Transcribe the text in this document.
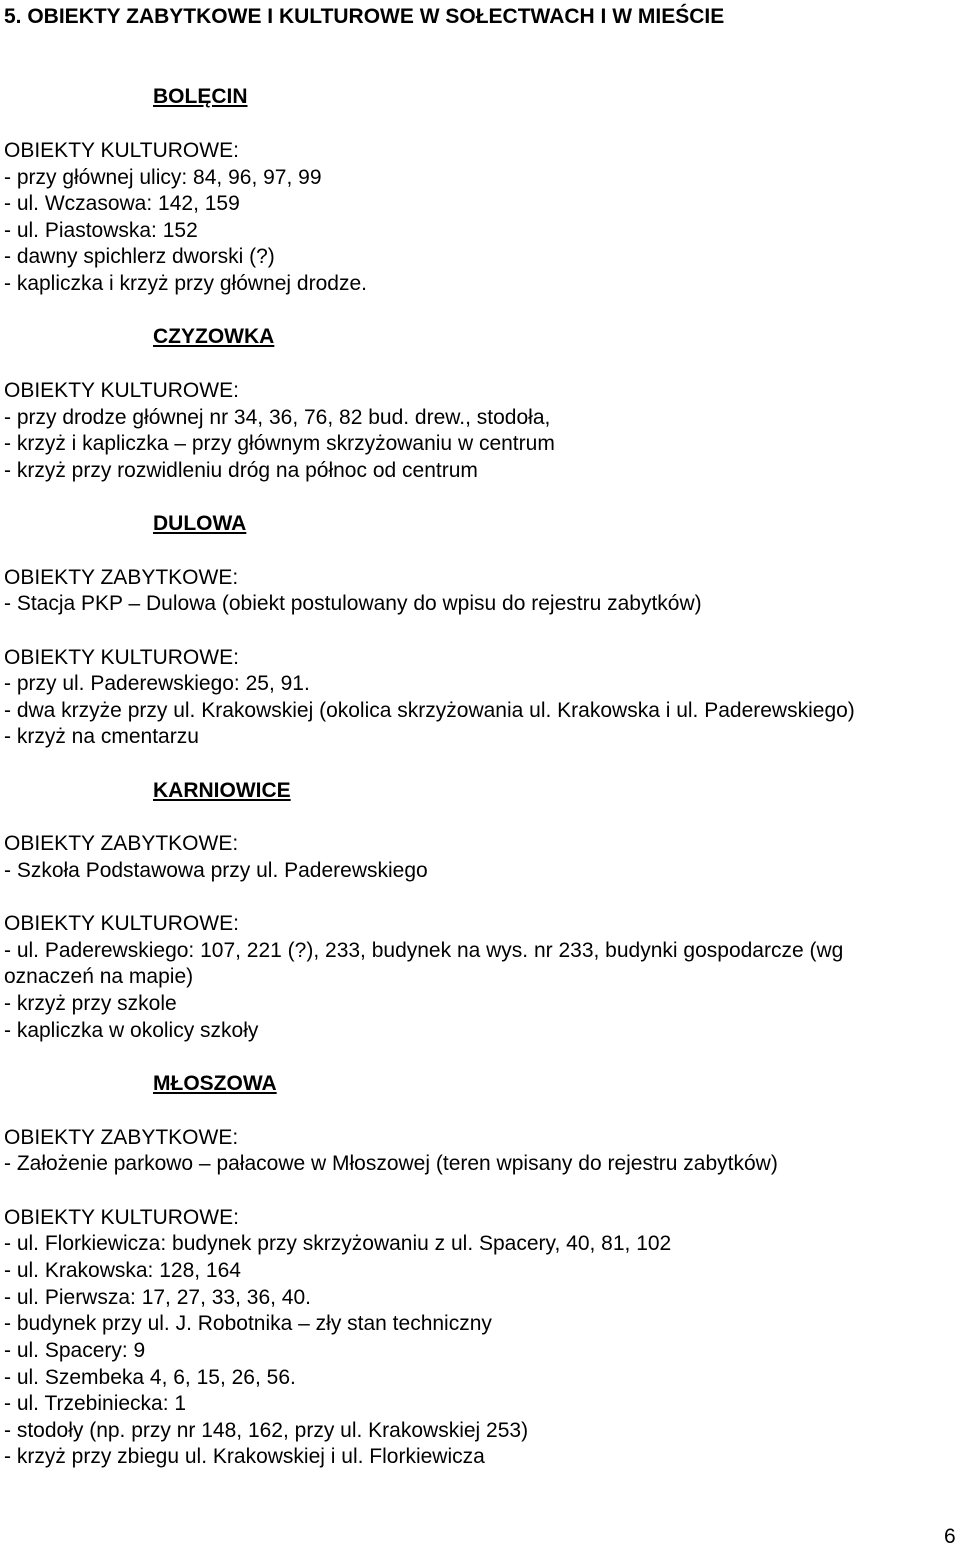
5. OBIEKTY ZABYTKOWE I KULTUROWE W SOŁECTWACH I W MIEŚCIE
BOLĘCIN
OBIEKTY KULTUROWE:
- przy głównej ulicy: 84, 96, 97, 99
- ul. Wczasowa: 142, 159
- ul. Piastowska: 152
- dawny spichlerz dworski (?)
- kapliczka i krzyż przy głównej drodze.
CZYZOWKA
OBIEKTY KULTUROWE:
- przy drodze głównej nr 34, 36, 76, 82 bud. drew., stodoła,
- krzyż i kapliczka – przy głównym skrzyżowaniu w centrum
- krzyż przy rozwidleniu dróg na północ od centrum
DULOWA
OBIEKTY ZABYTKOWE:
- Stacja PKP – Dulowa (obiekt postulowany do wpisu do rejestru zabytków)
OBIEKTY KULTUROWE:
- przy ul. Paderewskiego: 25, 91.
- dwa krzyże przy ul. Krakowskiej (okolica skrzyżowania ul. Krakowska i ul. Paderewskiego)
- krzyż na cmentarzu
KARNIOWICE
OBIEKTY ZABYTKOWE:
- Szkoła Podstawowa przy ul. Paderewskiego
OBIEKTY KULTUROWE:
- ul. Paderewskiego: 107, 221 (?), 233, budynek na wys. nr 233, budynki gospodarcze (wg
oznaczeń na mapie)
- krzyż przy szkole
- kapliczka w okolicy szkoły
MŁOSZOWA
OBIEKTY ZABYTKOWE:
- Założenie parkowo – pałacowe w Młoszowej (teren wpisany do rejestru zabytków)
OBIEKTY KULTUROWE:
- ul. Florkiewicza: budynek przy skrzyżowaniu z ul. Spacery, 40, 81, 102
- ul. Krakowska: 128, 164
- ul. Pierwsza: 17, 27, 33, 36, 40.
- budynek przy ul. J. Robotnika – zły stan techniczny
- ul. Spacery: 9
- ul. Szembeka 4, 6, 15, 26, 56.
- ul. Trzebiniecka: 1
- stodoły (np. przy nr 148, 162, przy ul. Krakowskiej 253)
- krzyż przy zbiegu ul. Krakowskiej i ul. Florkiewicza
6
